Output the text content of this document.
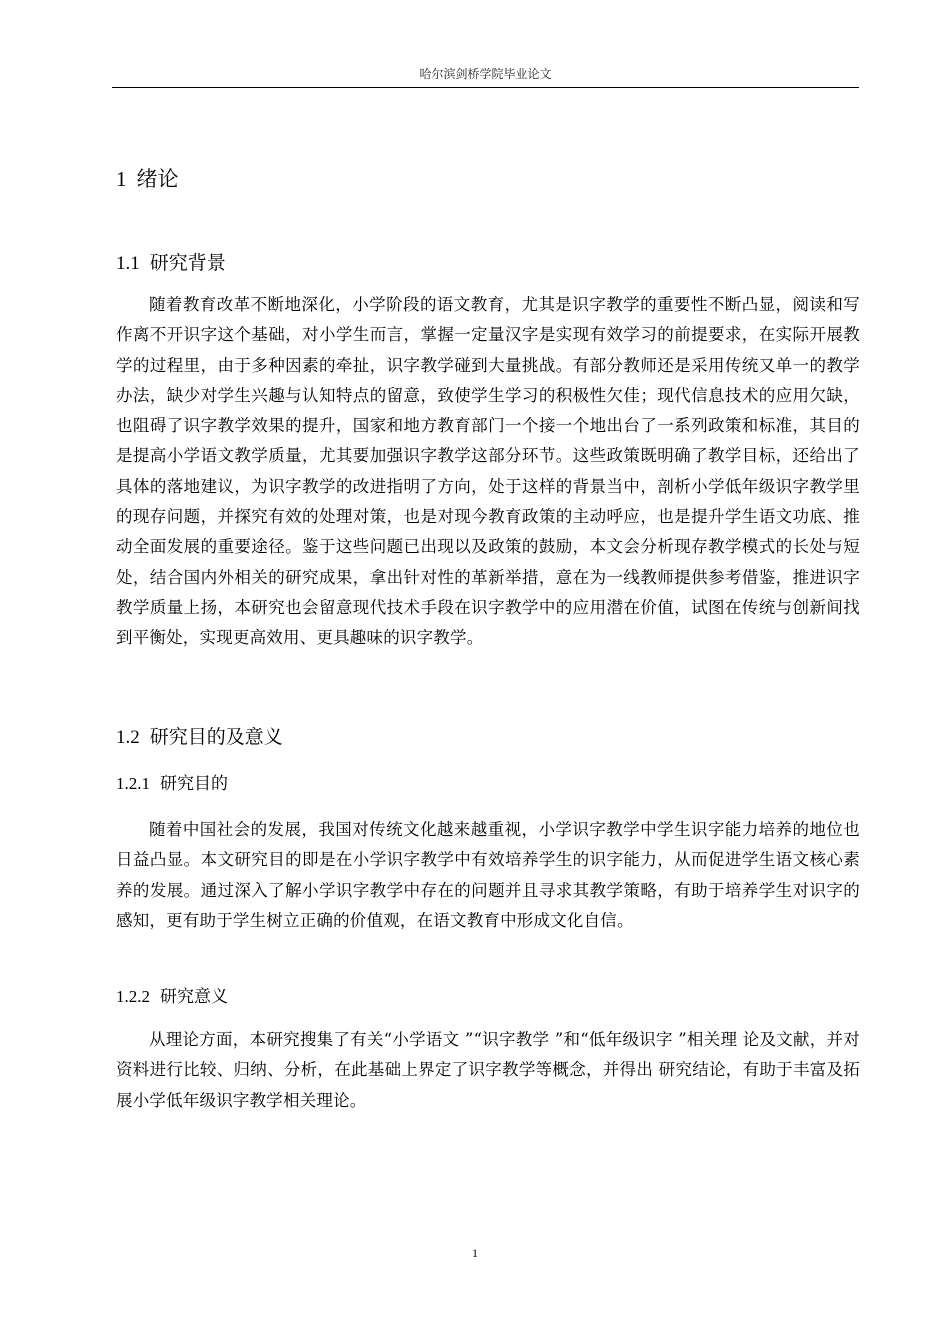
哈尔滨剑桥学院毕业论文
1 绪论
1.1 研究背景

随着教育改革不断地深化，小学阶段的语文教育，尤其是识字教学的重要性不断凸显，阅读和写作离不开识字这个基础，对小学生而言，掌握一定量汉字是实现有效学习的前提要求，在实际开展教学的过程里，由于多种因素的牵扯，识字教学碰到大量挑战。有部分教师还是采用传统又单一的教学办法，缺少对学生兴趣与认知特点的留意，致使学生学习的积极性欠佳；现代信息技术的应用欠缺，也阻碍了识字教学效果的提升，国家和地方教育部门一个接一个地出台了一系列政策和标准，其目的是提高小学语文教学质量，尤其要加强识字教学这部分环节。这些政策既明确了教学目标，还给出了具体的落地建议，为识字教学的改进指明了方向，处于这样的背景当中，剖析小学低年级识字教学里的现存问题，并探究有效的处理对策，也是对现今教育政策的主动呼应，也是提升学生语文功底、推动全面发展的重要途径。鉴于这些问题已出现以及政策的鼓励，本文会分析现存教学模式的长处与短处，结合国内外相关的研究成果，拿出针对性的革新举措，意在为一线教师提供参考借鉴，推进识字教学质量上扬，本研究也会留意现代技术手段在识字教学中的应用潜在价值，试图在传统与创新间找到平衡处，实现更高效用、更具趣味的识字教学。

1.2 研究目的及意义
1.2.1 研究目的

随着中国社会的发展，我国对传统文化越来越重视，小学识字教学中学生识字能力培养的地位也日益凸显。本文研究目的即是在小学识字教学中有效培养学生的识字能力，从而促进学生语文核心素养的发展。通过深入了解小学识字教学中存在的问题并且寻求其教学策略，有助于培养学生对识字的感知，更有助于学生树立正确的价值观，在语文教育中形成文化自信。

1.2.2 研究意义

从理论方面，本研究搜集了有关“小学语文 ”“识字教学 ”和“低年级识字 ”相关理 论及文献，并对资料进行比较、归纳、分析，在此基础上界定了识字教学等概念，并得出 研究结论，有助于丰富及拓展小学低年级识字教学相关理论。

1
